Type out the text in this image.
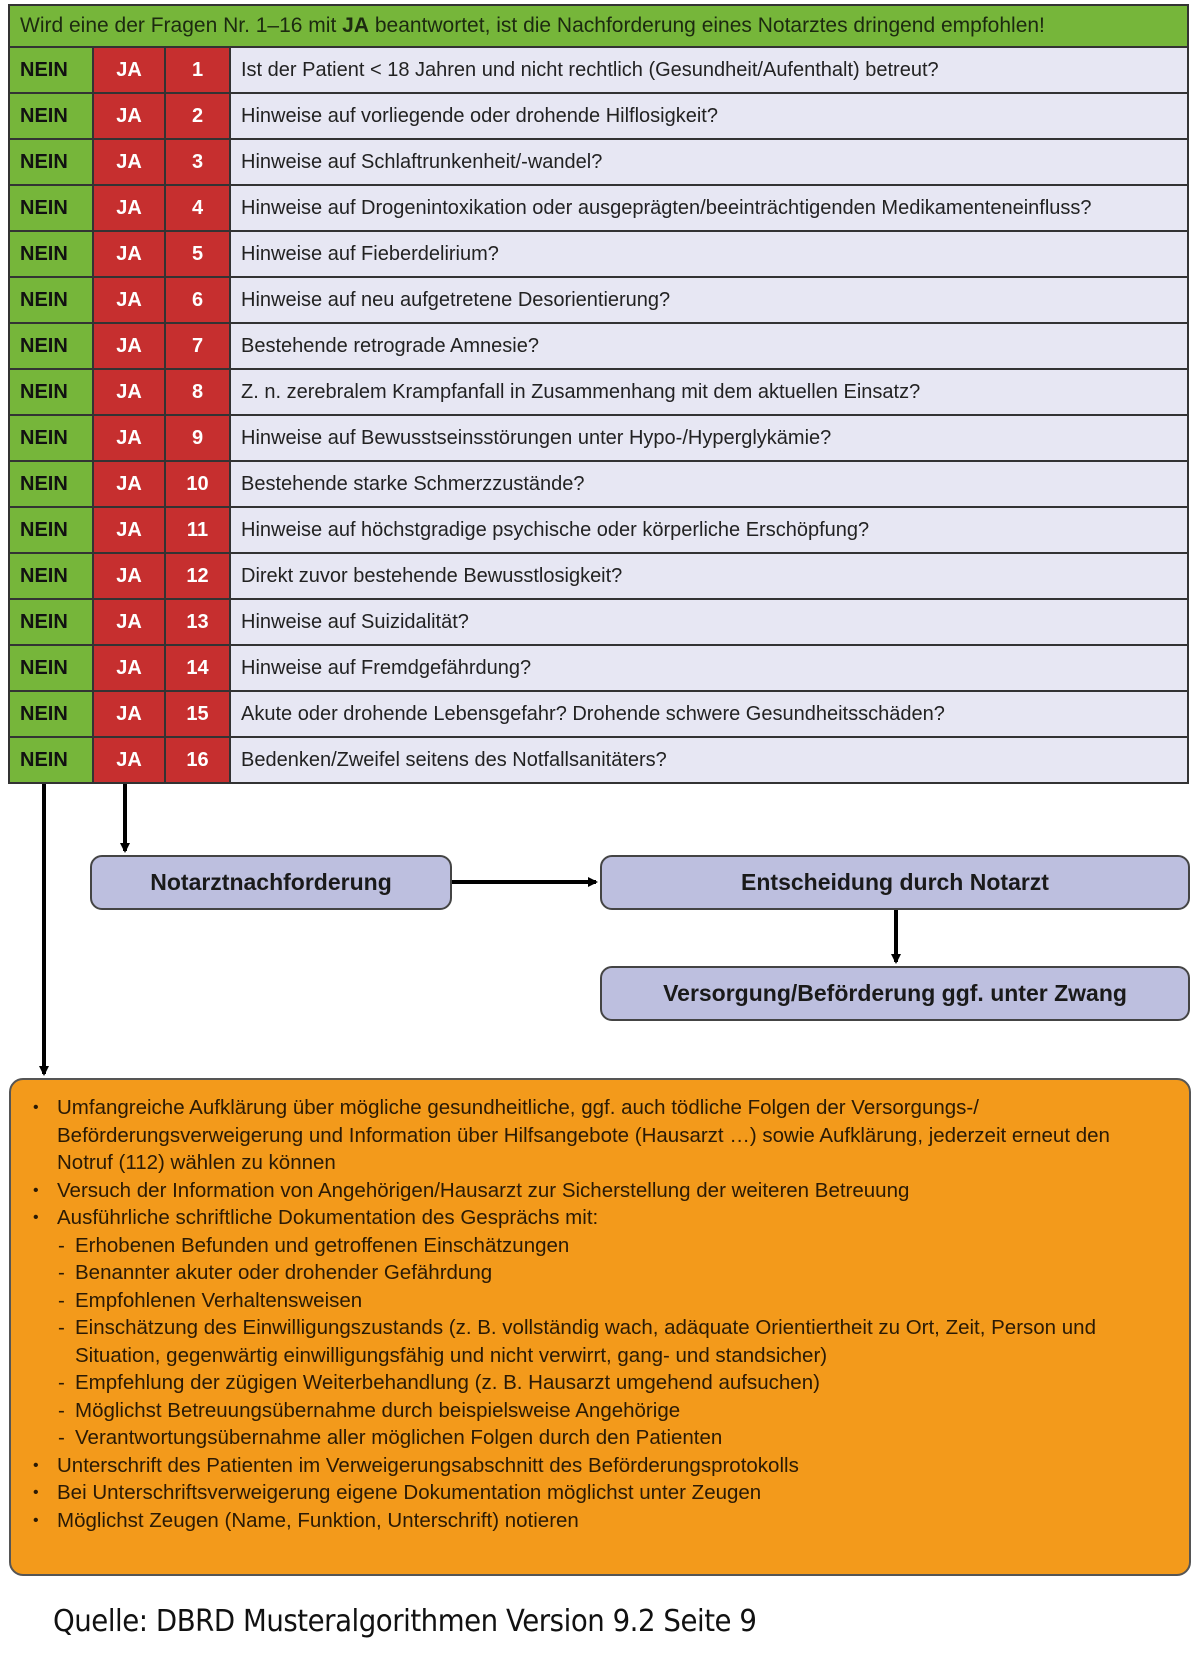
Wird eine der Fragen Nr. 1–16 mit JA beantwortet, ist die Nachforderung eines Notarztes dringend empfohlen!
NEIN JA	1 Ist der Patient < 18 Jahren und nicht rechtlich (Gesundheit/Aufenthalt) betreut?
NEIN JA	2 Hinweise auf vorliegende oder drohende Hilflosigkeit?
NEIN JA	3 Hinweise auf Schlaftrunkenheit/-wandel?
NEIN JA	4 Hinweise auf Drogenintoxikation oder ausgeprägten/beeinträchtigenden Medikamenteneinfluss?
NEIN JA	5 Hinweise auf Fieberdelirium?
NEIN JA	6 Hinweise auf neu aufgetretene Desorientierung?
NEIN JA	7 Bestehende retrograde Amnesie?
NEIN JA	8 Z. n. zerebralem Krampfanfall in Zusammenhang mit dem aktuellen Einsatz?
NEIN JA	9 Hinweise auf Bewusstseinsstörungen unter Hypo-/Hyperglykämie?
NEIN JA 10 Bestehende starke Schmerzzustände?
NEIN JA 11 Hinweise auf höchstgradige psychische oder körperliche Erschöpfung?
NEIN JA 12 Direkt zuvor bestehende Bewusstlosigkeit?
NEIN JA 13 Hinweise auf Suizidalität?
NEIN JA 14 Hinweise auf Fremdgefährdung?
NEIN JA 15 Akute oder drohende Lebensgefahr? Drohende schwere Gesundheitsschäden?
NEIN JA 16 Bedenken/Zweifel seitens des Notfallsanitäters?
Notarztnachforderung	Entscheidung durch Notarzt
Versorgung/Beförderung ggf. unter Zwang
• Umfangreiche Aufklärung über mögliche gesundheitliche, ggf. auch tödliche Folgen der Versorgungs-/ Beförderungsverweigerung und Information über Hilfsangebote (Hausarzt …) sowie Aufklärung, jederzeit erneut den Notruf (112) wählen zu können
• Versuch der Information von Angehörigen/Hausarzt zur Sicherstellung der weiteren Betreuung
• Ausführliche schriftliche Dokumentation des Gesprächs mit:
- Erhobenen Befunden und getroffenen Einschätzungen
- Benannter akuter oder drohender Gefährdung
- Empfohlenen Verhaltensweisen
- Einschätzung des Einwilligungszustands (z. B. vollständig wach, adäquate Orientiertheit zu Ort, Zeit, Person und Situation, gegenwärtig einwilligungsfähig und nicht verwirrt, gang- und standsicher)
- Empfehlung der zügigen Weiterbehandlung (z. B. Hausarzt umgehend aufsuchen)
- Möglichst Betreuungsübernahme durch beispielsweise Angehörige
- Verantwortungsübernahme aller möglichen Folgen durch den Patienten
• Unterschrift des Patienten im Verweigerungsabschnitt des Beförderungsprotokolls
• Bei Unterschriftsverweigerung eigene Dokumentation möglichst unter Zeugen
• Möglichst Zeugen (Name, Funktion, Unterschrift) notieren
Quelle: DBRD Musteralgorithmen Version 9.2 Seite 9
